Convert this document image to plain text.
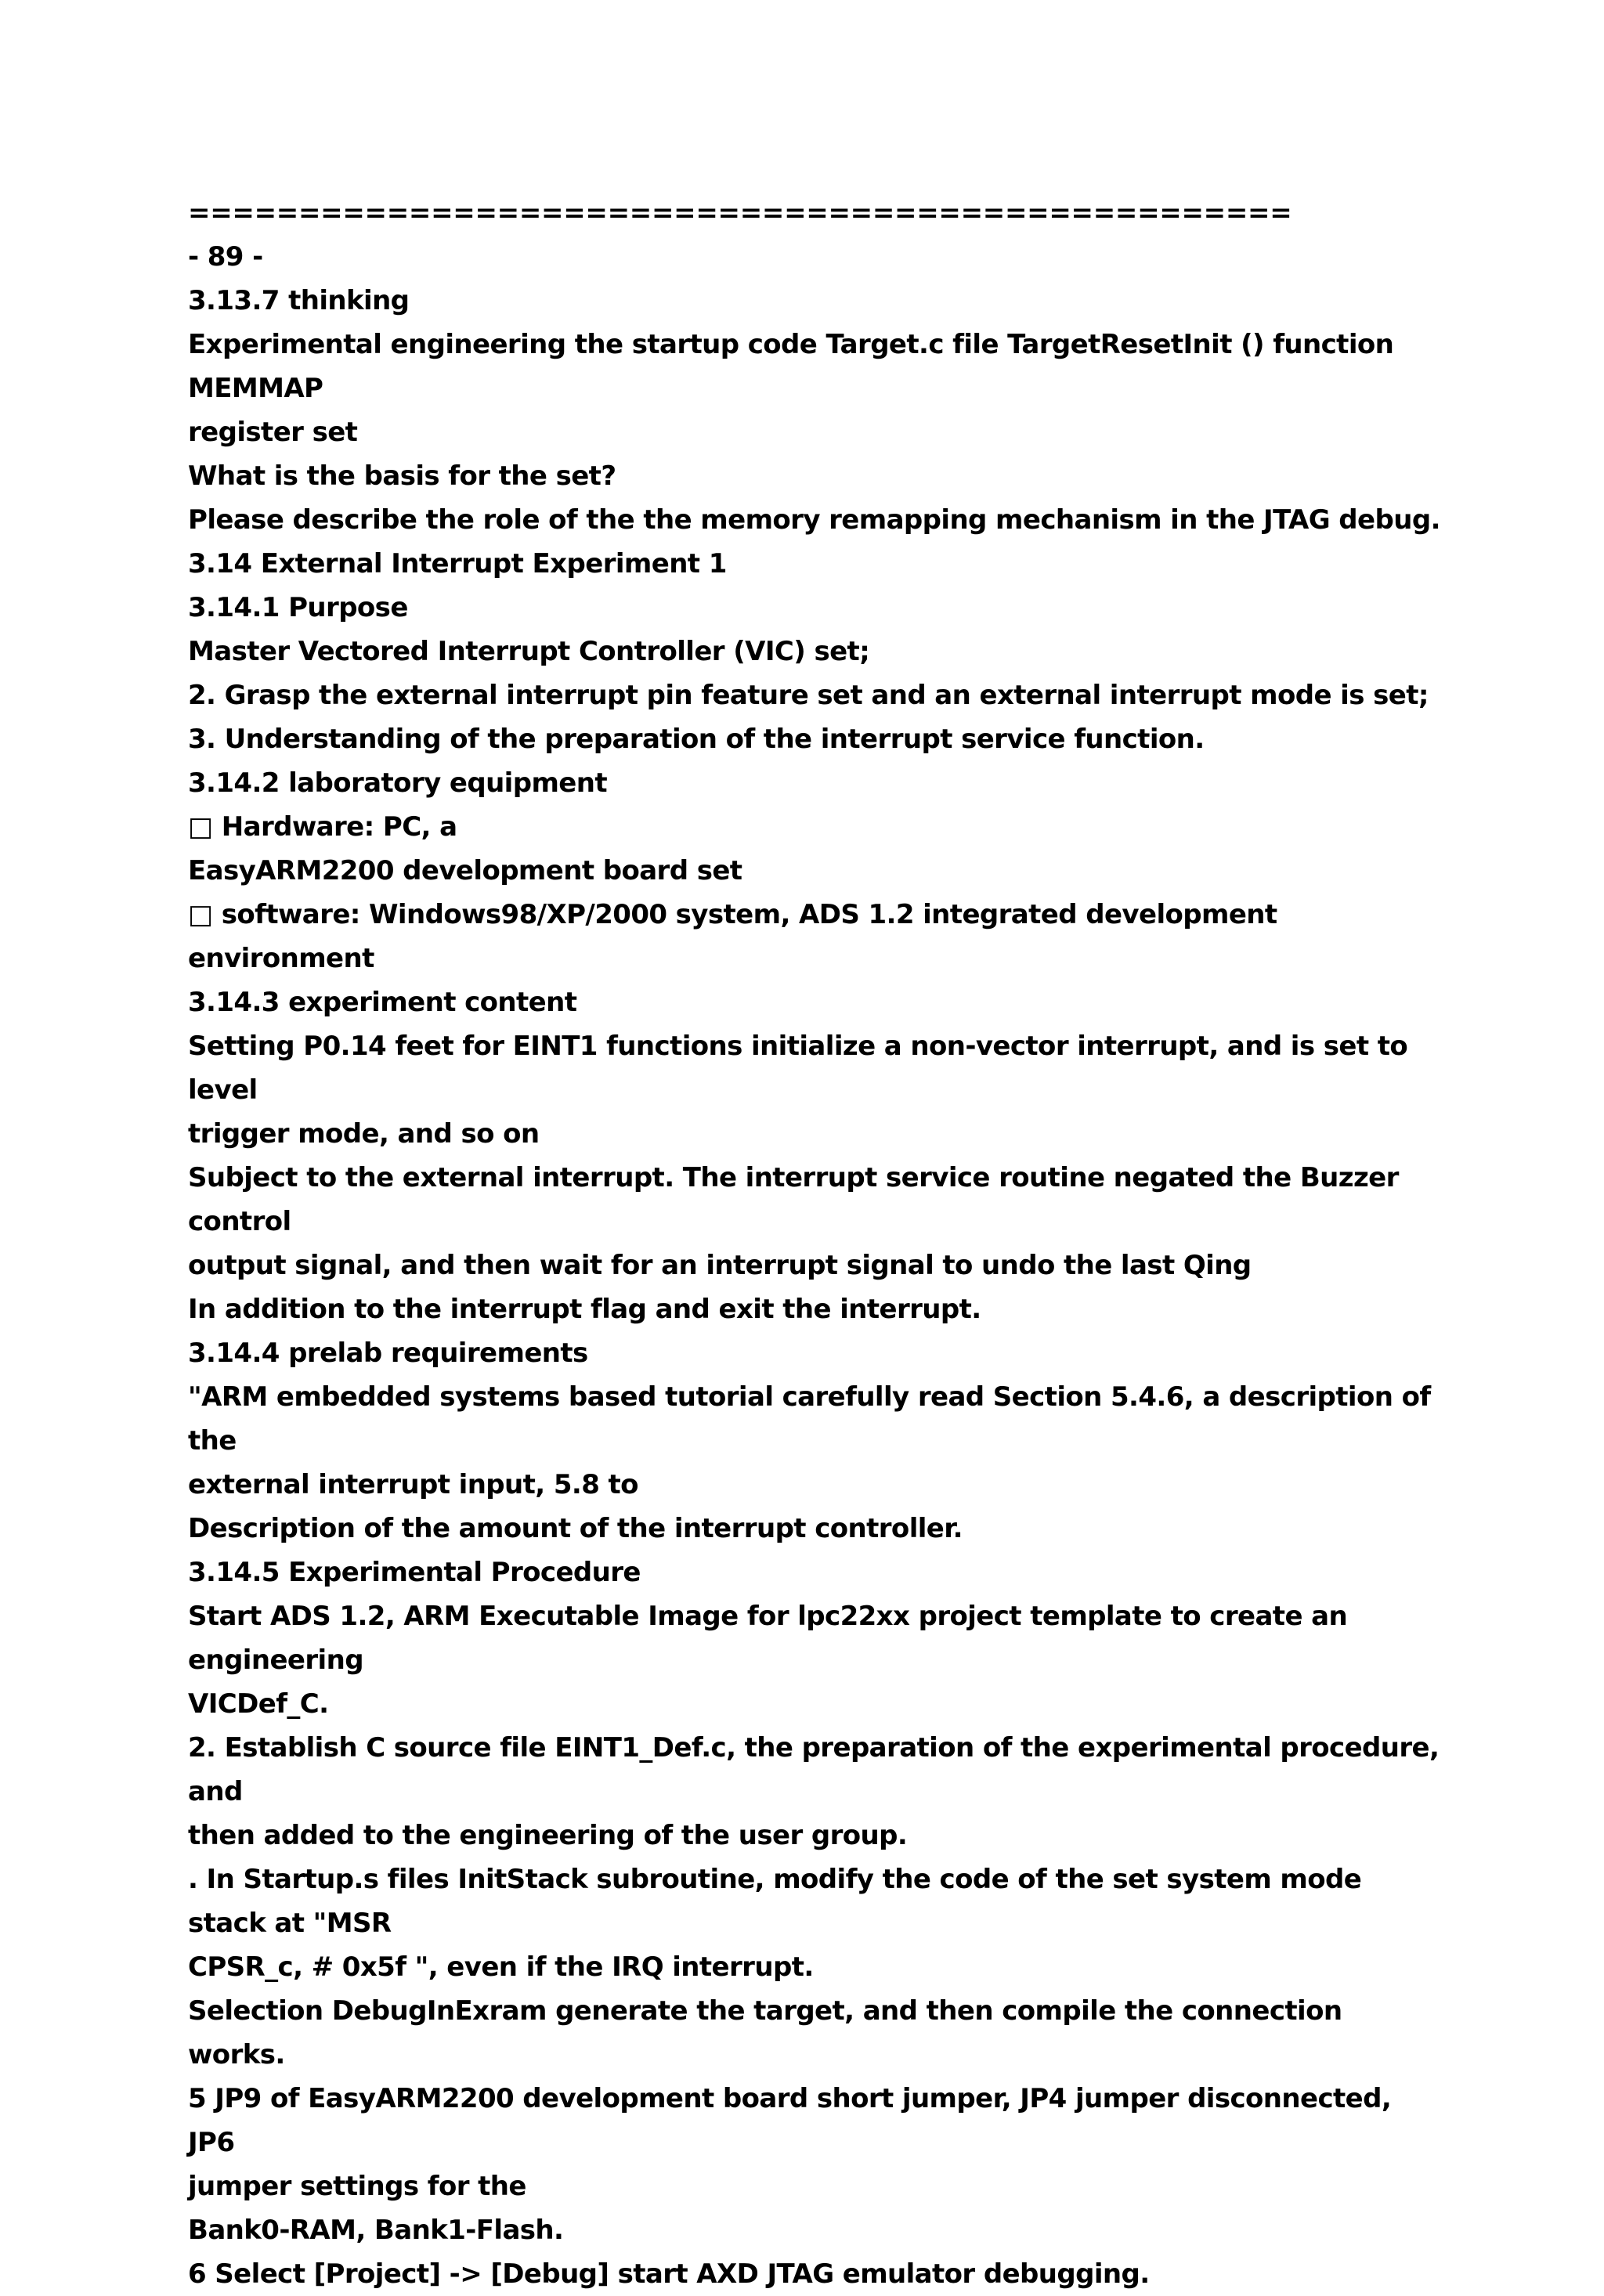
==================================================

- 89 -

3.13.7 thinking

Experimental engineering the startup code Target.c file TargetResetInit () function MEMMAP

register set

What is the basis for the set?

Please describe the role of the the memory remapping mechanism in the JTAG debug.

3.14 External Interrupt Experiment 1

3.14.1 Purpose

Master Vectored Interrupt Controller (VIC) set;

2. Grasp the external interrupt pin feature set and an external interrupt mode is set;

3. Understanding of the preparation of the interrupt service function.

3.14.2 laboratory equipment

□ Hardware: PC, a

EasyARM2200 development board set

□ software: Windows98/XP/2000 system, ADS 1.2 integrated development environment

3.14.3 experiment content

Setting P0.14 feet for EINT1 functions initialize a non-vector interrupt, and is set to level

trigger mode, and so on

Subject to the external interrupt. The interrupt service routine negated the Buzzer control

output signal, and then wait for an interrupt signal to undo the last Qing

In addition to the interrupt flag and exit the interrupt.

3.14.4 prelab requirements

"ARM embedded systems based tutorial carefully read Section 5.4.6, a description of the

external interrupt input, 5.8 to

Description of the amount of the interrupt controller.

3.14.5 Experimental Procedure

Start ADS 1.2, ARM Executable Image for lpc22xx project template to create an engineering

VICDef_C.

2. Establish C source file EINT1_Def.c, the preparation of the experimental procedure, and

then added to the engineering of the user group.

. In Startup.s files InitStack subroutine, modify the code of the set system mode stack at "MSR

CPSR_c, # 0x5f ", even if the IRQ interrupt.

Selection DebugInExram generate the target, and then compile the connection works.

5 JP9 of EasyARM2200 development board short jumper, JP4 jumper disconnected, JP6

jumper settings for the

Bank0-RAM, Bank1-Flash.

6 Select [Project] -> [Debug] start AXD JTAG emulator debugging.
